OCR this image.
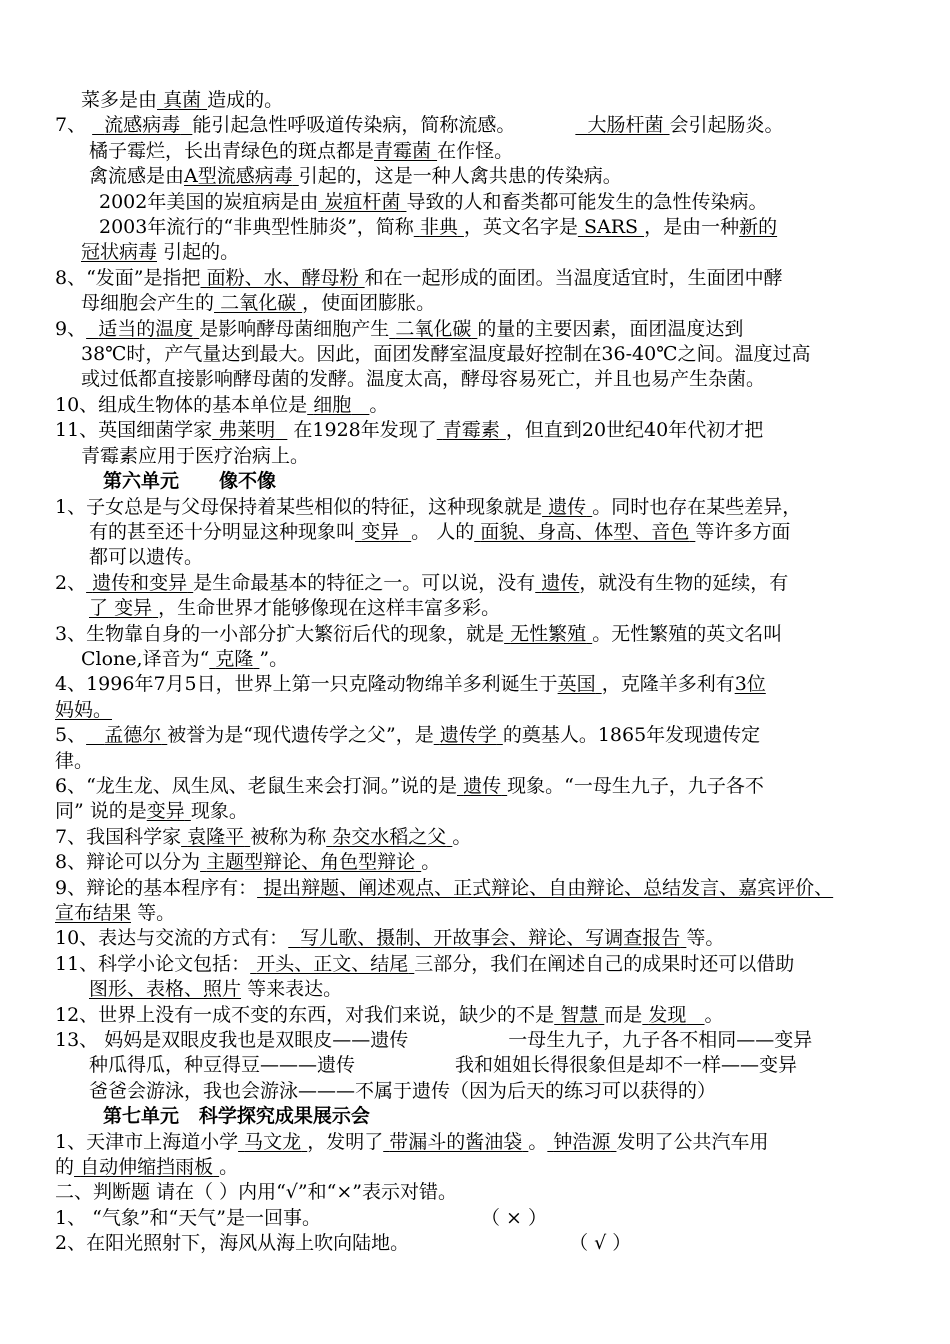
菜多是由 真菌 造成的。
7、 流感病毒 能引起急性呼吸道传染病，简称流感。	大肠杆菌 会引起肠炎。
橘子霉烂，长出青绿色的斑点都是青霉菌 在作怪。
禽流感是由A型流感病毒 引起的，这是一种人禽共患的传染病。
2002年美国的炭疽病是由 炭疽杆菌 导致的人和畜类都可能发生的急性传染病。
2003年流行的“非典型性肺炎”，简称 非典 ，英文名字是 SARS ，是由一种新的
冠状病毒 引起的。
8、“发面”是指把 面粉、水、酵母粉 和在一起形成的面团。当温度适宜时，生面团中酵
母细胞会产生的 二氧化碳 ，使面团膨胀。
9、 适当的温度 是影响酵母菌细胞产生 二氧化碳 的量的主要因素，面团温度达到
38℃时，产气量达到最大。因此，面团发酵室温度最好控制在36-40℃之间。温度过高
或过低都直接影响酵母菌的发酵。温度太高，酵母容易死亡，并且也易产生杂菌。
10、组成生物体的基本单位是 细胞 。
11、英国细菌学家 弗莱明 在1928年发现了 青霉素 ，但直到20世纪40年代初才把
青霉素应用于医疗治病上。
第六单元 像不像
1、子女总是与父母保持着某些相似的特征，这种现象就是 遗传 。同时也存在某些差异，
有的甚至还十分明显这种现象叫 变异 。 人的 面貌、身高、体型、音色 等许多方面
都可以遗传。
2、 遗传和变异 是生命最基本的特征之一。可以说，没有 遗传，就没有生物的延续，有
了 变异 ，生命世界才能够像现在这样丰富多彩。
3、生物靠自身的一小部分扩大繁衍后代的现象，就是 无性繁殖 。无性繁殖的英文名叫
Clone,译音为“ 克隆 ”。
4、1996年7月5日，世界上第一只克隆动物绵羊多利诞生于英国 ，克隆羊多利有3位
妈妈。
5、 孟德尔 被誉为是“现代遗传学之父”，是 遗传学 的奠基人。1865年发现遗传定
律。
6、“龙生龙、凤生凤、老鼠生来会打洞。”说的是 遗传 现象。“一母生九子，九子各不
同” 说的是变异 现象。
7、我国科学家 袁隆平 被称为称 杂交水稻之父 。
8、辩论可以分为 主题型辩论、角色型辩论 。
9、辩论的基本程序有： 提出辩题、阐述观点、正式辩论、自由辩论、总结发言、嘉宾评价、
宣布结果 等。
10、表达与交流的方式有： 写儿歌、摄制、开故事会、辩论、写调查报告 等。
11、科学小论文包括： 开头、正文、结尾 三部分，我们在阐述自己的成果时还可以借助
图形、表格、照片 等来表达。
12、世界上没有一成不变的东西，对我们来说，缺少的不是 智慧 而是 发现 。
13、 妈妈是双眼皮我也是双眼皮——遗传	一母生九子，九子各不相同——变异
种瓜得瓜，种豆得豆———遗传	我和姐姐长得很象但是却不一样——变异
爸爸会游泳，我也会游泳———不属于遗传（因为后天的练习可以获得的）
第七单元 科学探究成果展示会
1、天津市上海道小学 马文龙 ，发明了 带漏斗的酱油袋 。 钟浩源 发明了公共汽车用
的 自动伸缩挡雨板 。
二、判断题 请在（ ）内用“√”和“×”表示对错。
1、 “气象”和“天气”是一回事。	（ × ）
2、在阳光照射下，海风从海上吹向陆地。	（ √ ）
